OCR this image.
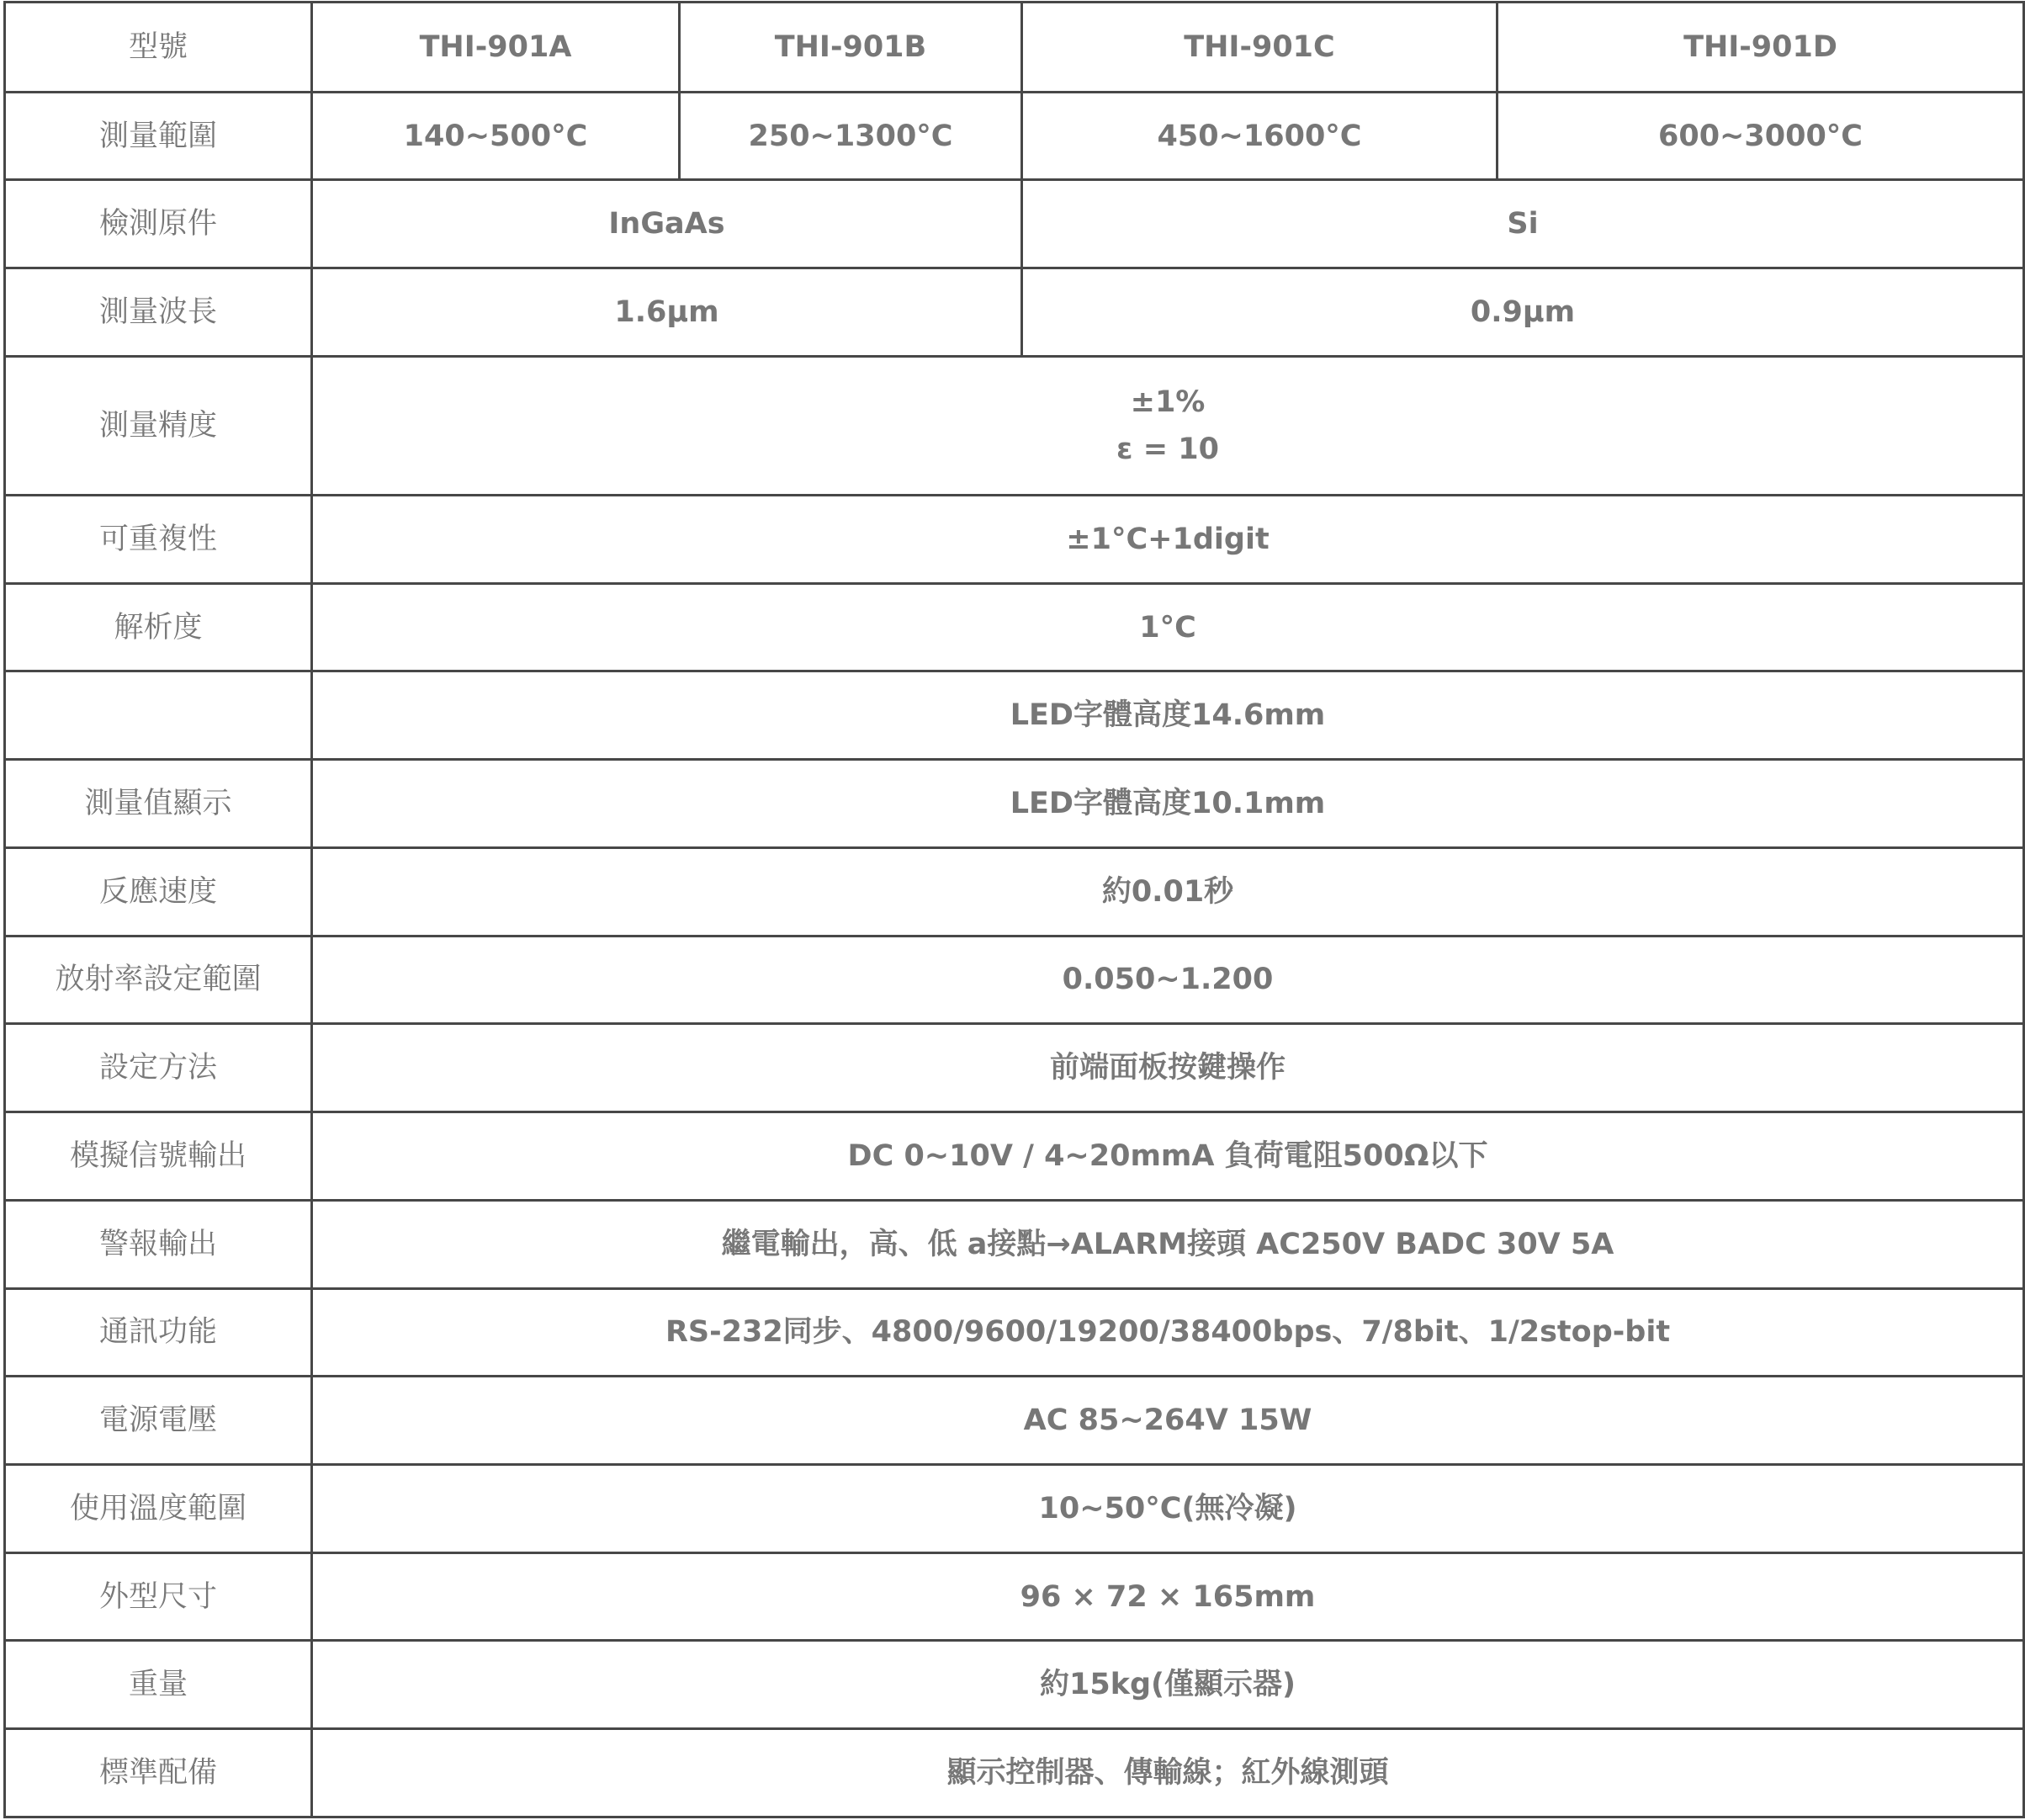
型號	THI-901A	THI-901B	THI-901C	THI-901D
測量範圍	140~500°C	250~1300°C	450~1600°C	600~3000°C
檢測原件	InGaAs		Si	
測量波長	1.6μm		0.9μm	
測量精度	±1%
ε = 10			

可重複性	±1°C+1digit			
解析度	1°C			
	LED字體高度14.6mm			
測量值顯示	LED字體高度10.1mm			
反應速度	約0.01秒			
放射率設定範圍	0.050~1.200			
設定方法	前端面板按鍵操作			
模擬信號輸出	DC 0~10V / 4~20mmA 負荷電阻500Ω以下			
警報輸出	繼電輸出，高、低 a接點→ALARM接頭 AC250V BADC 30V 5A			
通訊功能	RS-232同步、4800/9600/19200/38400bps、7/8bit、1/2stop-bit			
電源電壓	AC 85~264V 15W			
使用溫度範圍	10~50°C(無冷凝)			
外型尺寸	96 × 72 × 165mm			
重量	約15kg(僅顯示器)			
標準配備	顯示控制器、傳輸線；紅外線測頭			
